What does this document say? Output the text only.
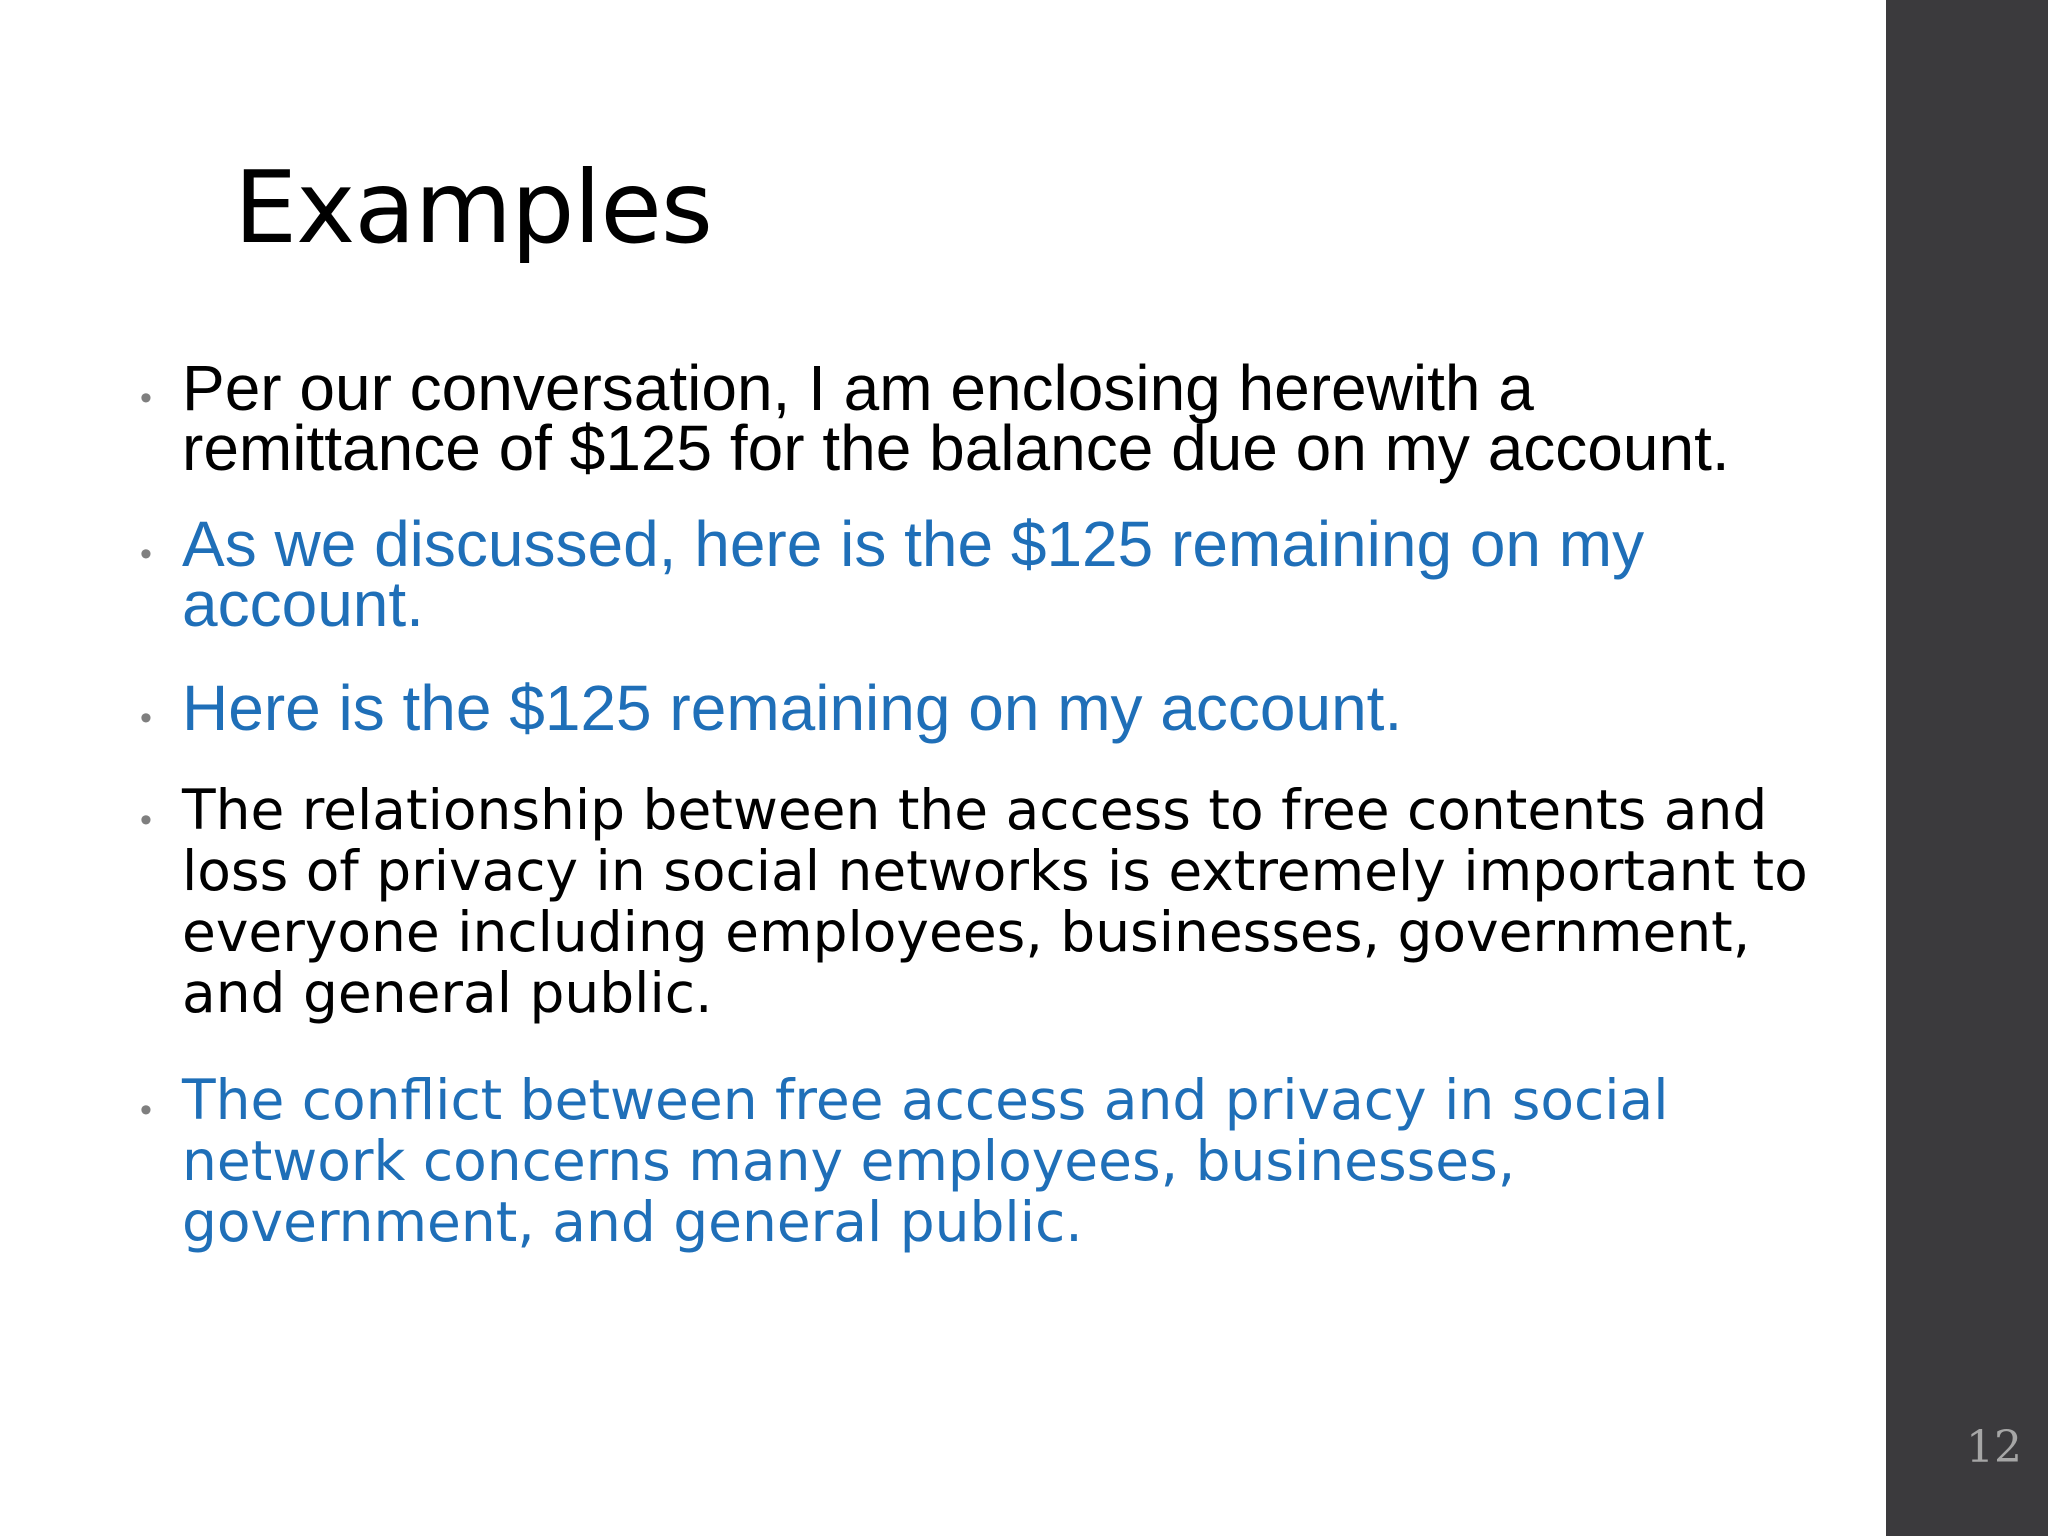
Examples
• Per our conversation, I am enclosing herewith a remittance of $125 for the balance due on my account.
• As we discussed, here is the $125 remaining on my account.
• Here is the $125 remaining on my account.
• The relationship between the access to free contents and loss of privacy in social networks is extremely important to everyone including employees, businesses, government, and general public.
• The conflict between free access and privacy in social network concerns many employees, businesses, government, and general public.
12
